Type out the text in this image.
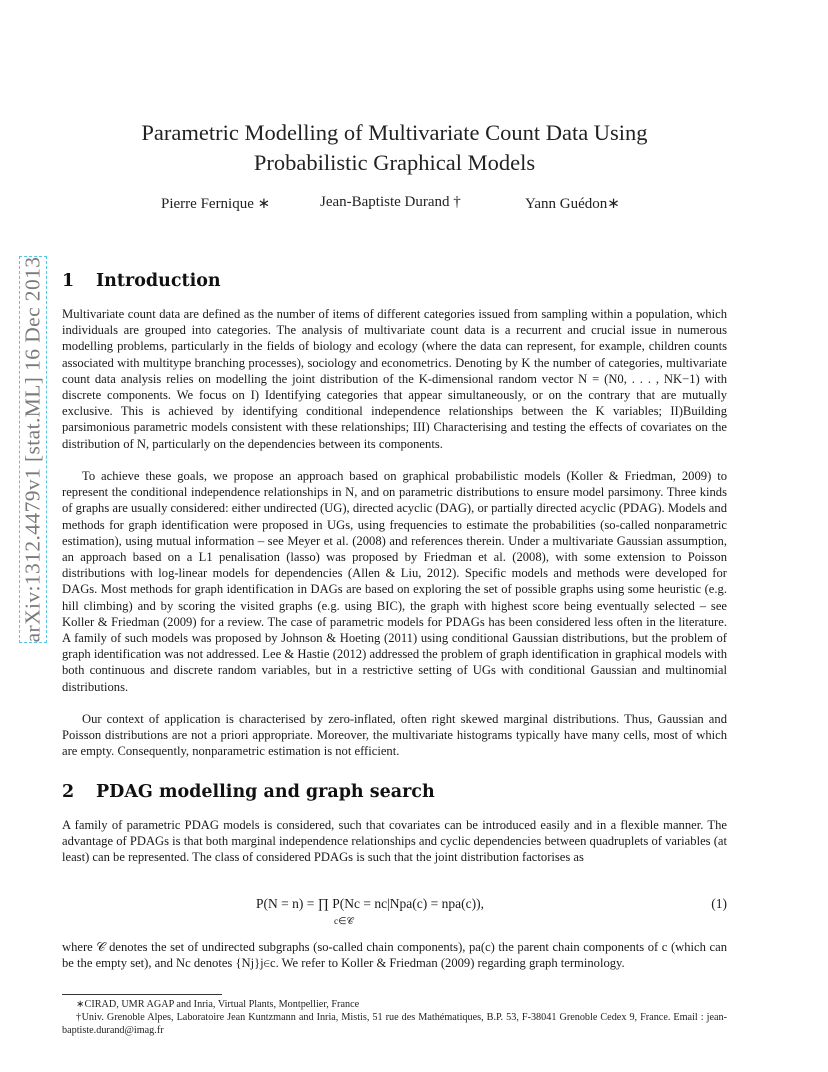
arXiv:1312.4479v1 [stat.ML] 16 Dec 2013
Parametric Modelling of Multivariate Count Data Using
Probabilistic Graphical Models
Pierre Fernique ∗	Jean-Baptiste Durand †	Yann Guédon∗
1 Introduction
Multivariate count data are defined as the number of items of different categories issued from sampling within a population, which individuals are grouped into categories. The analysis of multivariate count data is a recurrent and crucial issue in numerous modelling problems, particularly in the fields of biology and ecology (where the data can represent, for example, children counts associated with multitype branching processes), sociology and econometrics. Denoting by K the number of categories, multivariate count data analysis relies on modelling the joint distribution of the K-dimensional random vector N = (N0, . . . , NK−1) with discrete components. We focus on I) Identifying categories that appear simultaneously, or on the contrary that are mutually exclusive. This is achieved by identifying conditional independence relationships between the K variables; II)Building parsimonious parametric models consistent with these relationships; III) Characterising and testing the effects of covariates on the distribution of N, particularly on the dependencies between its components.
To achieve these goals, we propose an approach based on graphical probabilistic models (Koller & Friedman, 2009) to represent the conditional independence relationships in N, and on parametric distributions to ensure model parsimony. Three kinds of graphs are usually considered: either undirected (UG), directed acyclic (DAG), or partially directed acyclic (PDAG). Models and methods for graph identification were proposed in UGs, using frequencies to estimate the probabilities (so-called nonparametric estimation), using mutual information – see Meyer et al. (2008) and references therein. Under a multivariate Gaussian assumption, an approach based on a L1 penalisation (lasso) was proposed by Friedman et al. (2008), with some extension to Poisson distributions with log-linear models for dependencies (Allen & Liu, 2012). Specific models and methods were developed for DAGs. Most methods for graph identification in DAGs are based on exploring the set of possible graphs using some heuristic (e.g. hill climbing) and by scoring the visited graphs (e.g. using BIC), the graph with highest score being eventually selected – see Koller & Friedman (2009) for a review. The case of parametric models for PDAGs has been considered less often in the literature. A family of such models was proposed by Johnson & Hoeting (2011) using conditional Gaussian distributions, but the problem of graph identification was not addressed. Lee & Hastie (2012) addressed the problem of graph identification in graphical models with both continuous and discrete random variables, but in a restrictive setting of UGs with conditional Gaussian and multinomial distributions.
Our context of application is characterised by zero-inflated, often right skewed marginal distributions. Thus, Gaussian and Poisson distributions are not a priori appropriate. Moreover, the multivariate histograms typically have many cells, most of which are empty. Consequently, nonparametric estimation is not efficient.
2 PDAG modelling and graph search
A family of parametric PDAG models is considered, such that covariates can be introduced easily and in a flexible manner. The advantage of PDAGs is that both marginal independence relationships and cyclic dependencies between quadruplets of variables (at least) can be represented. The class of considered PDAGs is such that the joint distribution factorises as
P(N = n) = ∏ P(Nc = nc|Npa(c) = npa(c)),
c∈𝒞
(1)
where 𝒞 denotes the set of undirected subgraphs (so-called chain components), pa(c) the parent chain components of c (which can be the empty set), and Nc denotes {Nj}j∈c. We refer to Koller & Friedman (2009) regarding graph terminology.
∗CIRAD, UMR AGAP and Inria, Virtual Plants, Montpellier, France
†Univ. Grenoble Alpes, Laboratoire Jean Kuntzmann and Inria, Mistis, 51 rue des Mathématiques, B.P. 53, F-38041 Grenoble Cedex 9, France. Email : jean-baptiste.durand@imag.fr
